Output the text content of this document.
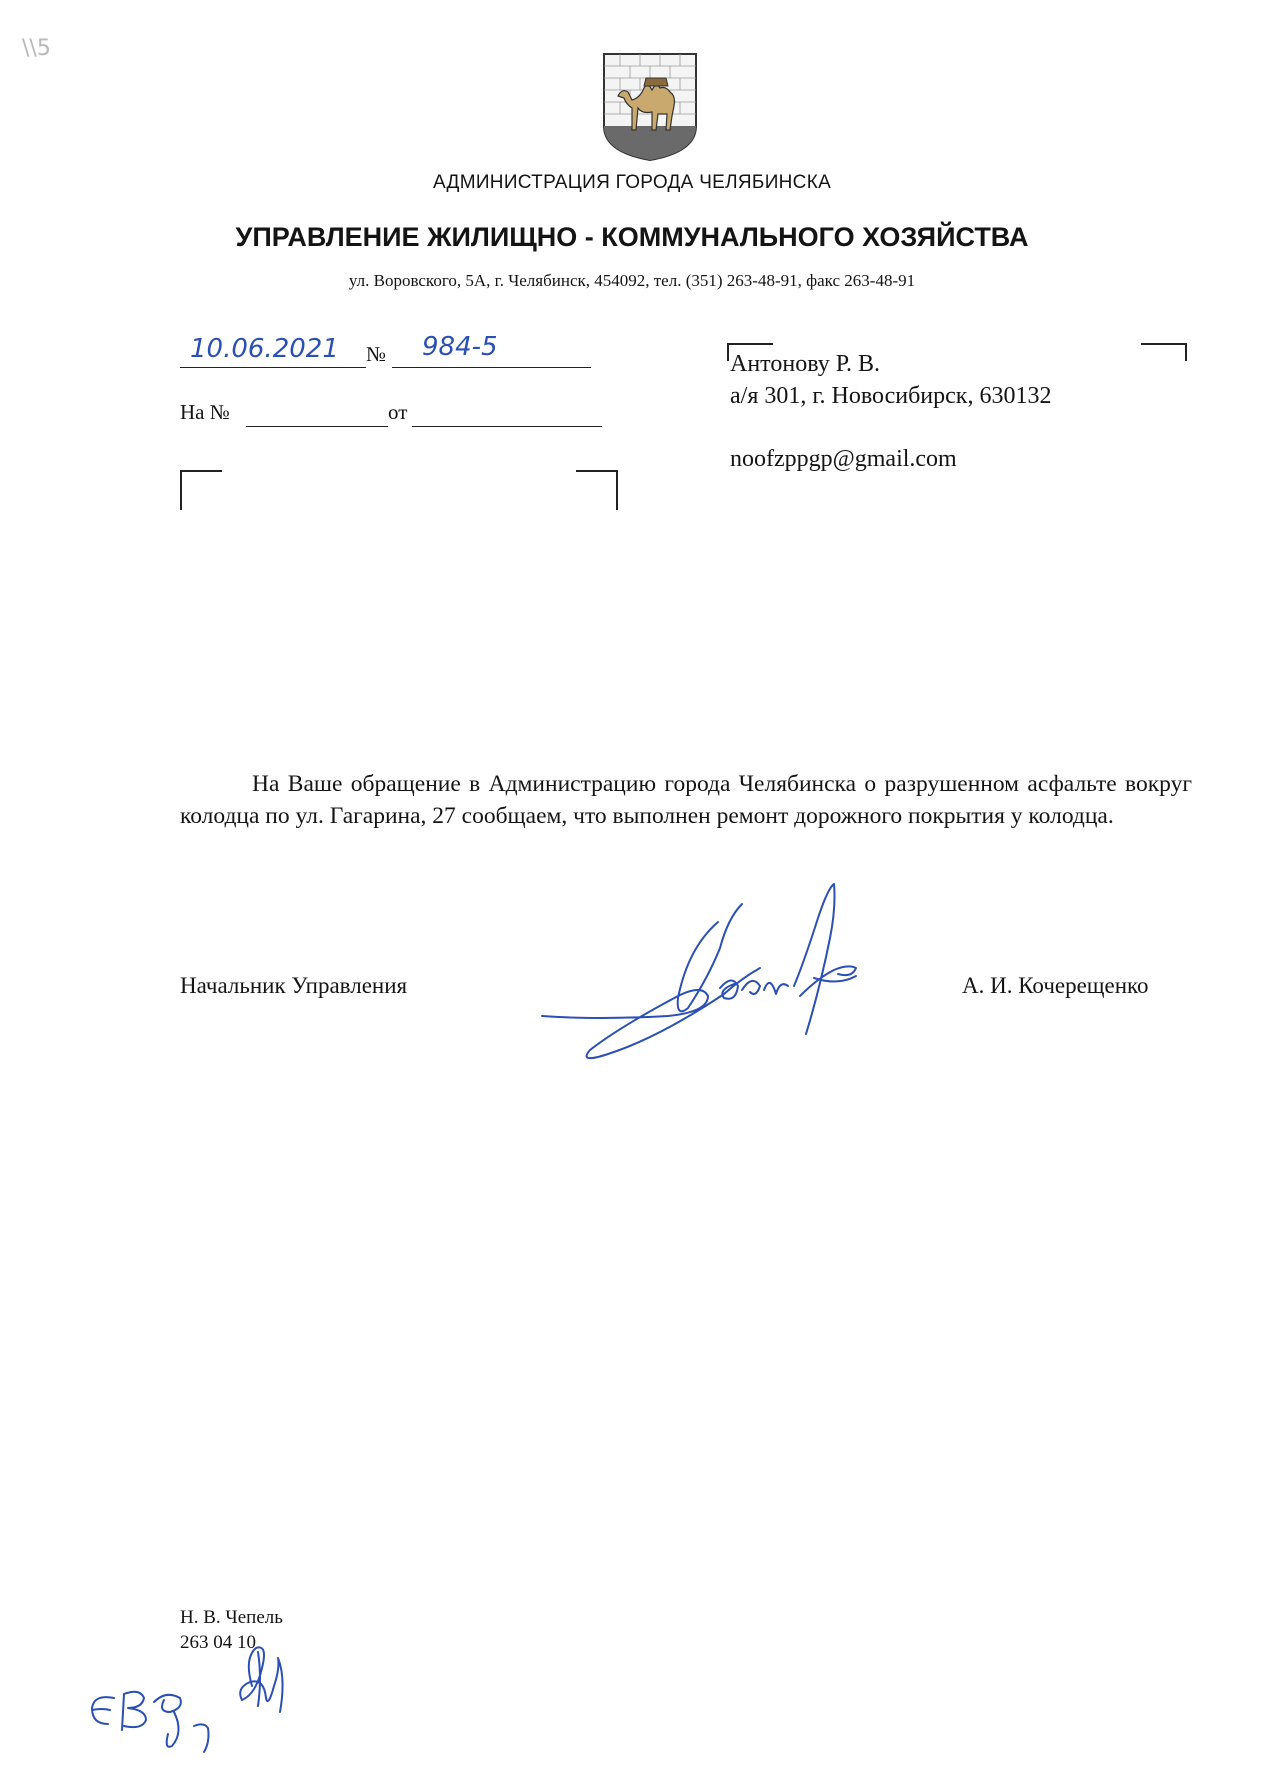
\\5
АДМИНИСТРАЦИЯ ГОРОДА ЧЕЛЯБИНСКА
УПРАВЛЕНИЕ ЖИЛИЩНО - КОММУНАЛЬНОГО ХОЗЯЙСТВА
ул. Воровского, 5А, г. Челябинск, 454092, тел. (351) 263-48-91, факс 263-48-91
10.06.2021 № 984-5
На №	от
Антонову Р. В.
а/я 301, г. Новосибирск, 630132
noofzppgp@gmail.com
На Ваше обращение в Администрацию города Челябинска о разрушенном асфальте вокруг колодца по ул. Гагарина, 27 сообщаем, что выполнен ремонт дорожного покрытия у колодца.
Начальник Управления	А. И. Кочерещенко
Н. В. Чепель
263 04 10
